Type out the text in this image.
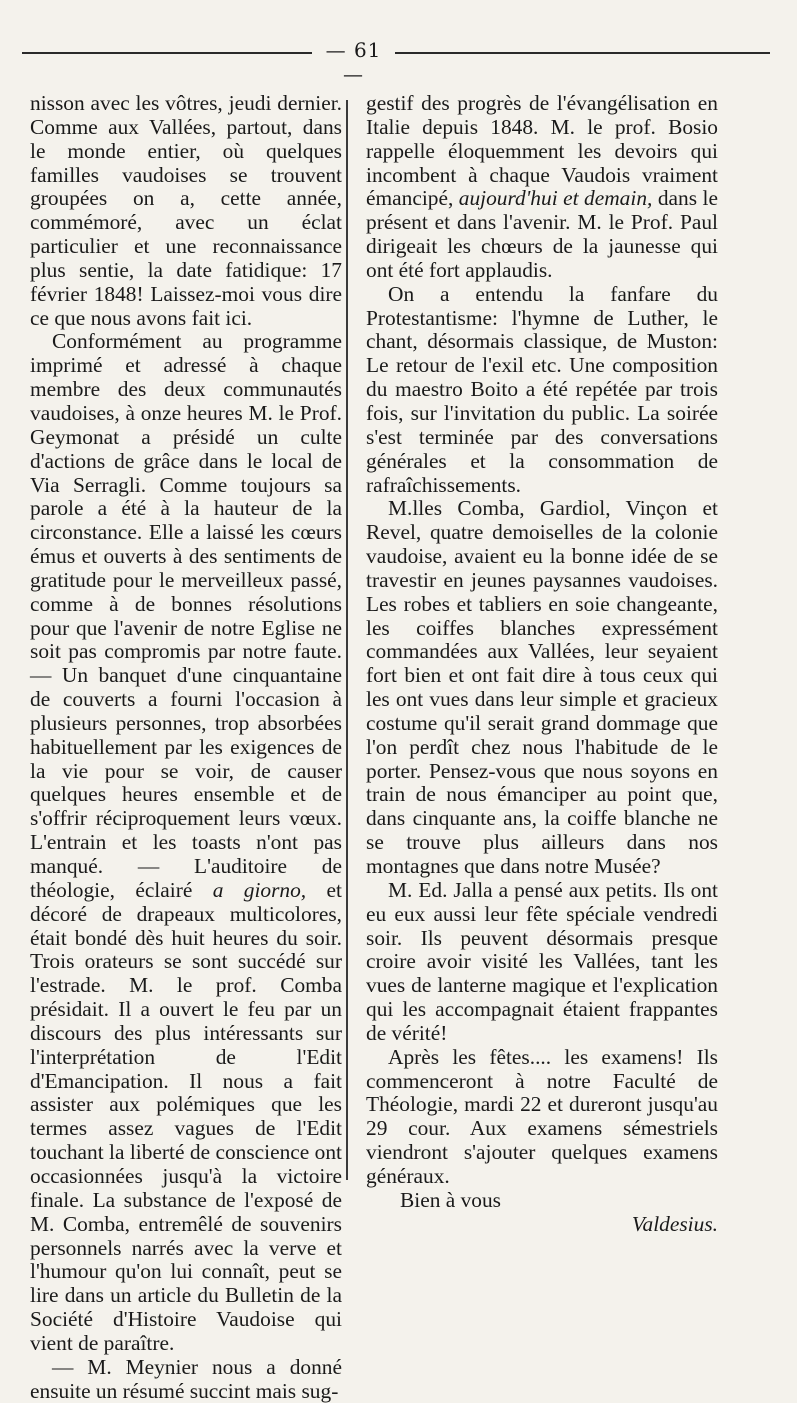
— 61 —

nisson avec les vôtres, jeudi dernier. Comme aux Vallées, partout, dans le monde entier, où quelques familles vaudoises se trouvent groupées on a, cette année, commémoré, avec un éclat particulier et une reconnaissance plus sentie, la date fatidique: 17 février 1848! Laissez-moi vous dire ce que nous avons fait ici.

Conformément au programme imprimé et adressé à chaque membre des deux communautés vaudoises, à onze heures M. le Prof. Geymonat a présidé un culte d'actions de grâce dans le local de Via Serragli. Comme toujours sa parole a été à la hauteur de la circonstance. Elle a laissé les cœurs émus et ouverts à des sentiments de gratitude pour le merveilleux passé, comme à de bonnes résolutions pour que l'avenir de notre Eglise ne soit pas compromis par notre faute. — Un banquet d'une cinquantaine de couverts a fourni l'occasion à plusieurs personnes, trop absorbées habituellement par les exigences de la vie pour se voir, de causer quelques heures ensemble et de s'offrir réciproquement leurs vœux. L'entrain et les toasts n'ont pas manqué. — L'auditoire de théologie, éclairé a giorno, et décoré de drapeaux multicolores, était bondé dès huit heures du soir. Trois orateurs se sont succédé sur l'estrade. M. le prof. Comba présidait. Il a ouvert le feu par un discours des plus intéressants sur l'interprétation de l'Edit d'Emancipation. Il nous a fait assister aux polémiques que les termes assez vagues de l'Edit touchant la liberté de conscience ont occasionnées jusqu'à la victoire finale. La substance de l'exposé de M. Comba, entremêlé de souvenirs personnels narrés avec la verve et l'humour qu'on lui connaît, peut se lire dans un article du Bulletin de la Société d'Histoire Vaudoise qui vient de paraître.

— M. Meynier nous a donné ensuite un résumé succint mais sug-

gestif des progrès de l'évangélisation en Italie depuis 1848. M. le prof. Bosio rappelle éloquemment les devoirs qui incombent à chaque Vaudois vraiment émancipé, aujourd'hui et demain, dans le présent et dans l'avenir. M. le Prof. Paul dirigeait les chœurs de la jaunesse qui ont été fort applaudis.

On a entendu la fanfare du Protestantisme: l'hymne de Luther, le chant, désormais classique, de Muston: Le retour de l'exil etc. Une composition du maestro Boito a été repétée par trois fois, sur l'invitation du public. La soirée s'est terminée par des conversations générales et la consommation de rafraîchissements.

M.lles Comba, Gardiol, Vinçon et Revel, quatre demoiselles de la colonie vaudoise, avaient eu la bonne idée de se travestir en jeunes paysannes vaudoises. Les robes et tabliers en soie changeante, les coiffes blanches expressément commandées aux Vallées, leur seyaient fort bien et ont fait dire à tous ceux qui les ont vues dans leur simple et gracieux costume qu'il serait grand dommage que l'on perdît chez nous l'habitude de le porter. Pensez-vous que nous soyons en train de nous émanciper au point que, dans cinquante ans, la coiffe blanche ne se trouve plus ailleurs dans nos montagnes que dans notre Musée?

M. Ed. Jalla a pensé aux petits. Ils ont eu eux aussi leur fête spéciale vendredi soir. Ils peuvent désormais presque croire avoir visité les Vallées, tant les vues de lanterne magique et l'explication qui les accompagnait étaient frappantes de vérité!

Après les fêtes.... les examens! Ils commenceront à notre Faculté de Théologie, mardi 22 et dureront jusqu'au 29 cour. Aux examens sémestriels viendront s'ajouter quelques examens généraux.

Bien à vous

Valdesius.
